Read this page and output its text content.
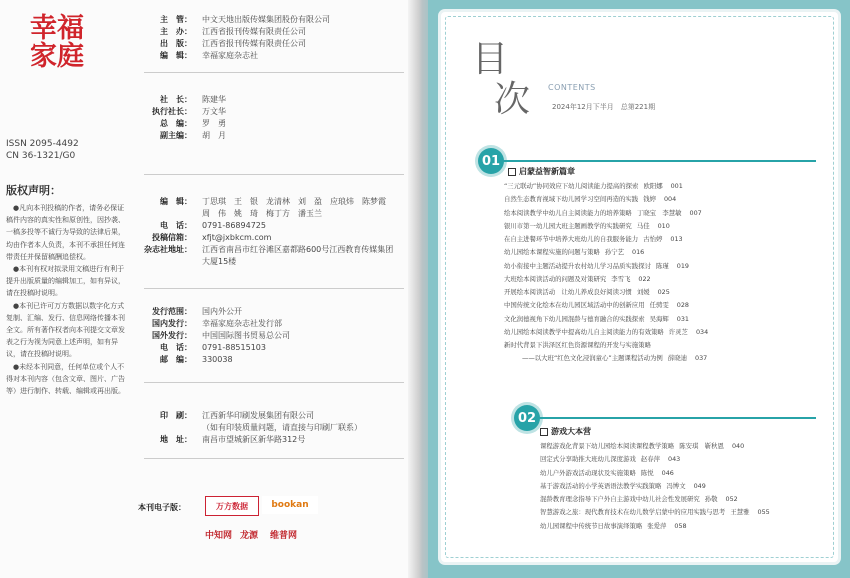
幸福
家庭
ISSN 2095-4492
CN 36-1321/G0
版权声明：

●凡向本刊投稿的作者，请务必保证稿件内容的真实性和原创性，因抄袭、一稿多投等不诚行为导致的法律后果，均由作者本人负责，本刊不承担任何连带责任并保留稿酬追偿权。

●本刊有权对拟录用文稿进行有利于提升出版质量的编辑加工，如有异议，请在投稿时说明。

●本刊已许可万方数据以数字化方式复制、汇编、发行、信息网络传播本刊全文。所有著作权者向本刊提交文章发表之行为视为同意上述声明，如有异议，请在投稿时说明。

●未经本刊同意，任何单位或个人不得对本刊内容（包含文章、图片、广告等）进行制作、转载、编辑或再出版。

主　管： 中文天地出版传媒集团股份有限公司
主　办： 江西省报刊传媒有限责任公司
出　版： 江西省报刊传媒有限责任公司
编　辑： 幸福家庭杂志社
社　长： 陈建华
执行社长： 万文华
总　编： 罗　勇
副主编： 胡　月
编　辑： 丁思琪　王　银　龙清林　刘　盈　应琅炜　陈梦霞
周　伟　姚　琦　梅丁方　潘玉兰
电　话： 0791-86894725
投稿信箱： xfjt@jxbkcm.com
杂志社地址： 江西省南昌市红谷滩区嘉都路600号江西教育传媒集团
大厦15楼
发行范围： 国内外公开
国内发行： 幸福家庭杂志社发行部
国外发行： 中国国际图书贸易总公司
电　话： 0791-88515103
邮　编： 330038
印　刷： 江西新华印刷发展集团有限公司
（如有印装质量问题，请直接与印刷厂联系）
地　址： 南昌市望城新区新华路312号
本刊电子版：	万方数据	bookan
中知网 龙源 维普网
目
次 CONTENTS
2024年12月下半月　总第221期
01
启蒙益智新篇章
“三元联动”协同效应下幼儿阅读能力提高的探索 欧阳娜 001
自然生态教育视域下幼儿园学习空间再造的实践 钱婷 004
绘本阅读教学中幼儿自主阅读能力的培养策略 丁晓宝　李慧敏 007
银川市第一幼儿园大班主题画教学的实践研究 马佳 010
在自主进餐环节中培养大班幼儿的自我服务能力 古怡婷 013
幼儿园绘本课程实施的问题与策略 孙宁艺 016
幼小衔接中主题活动提升农村幼儿学习品质实践探讨 陈瑾 019
大班绘本阅读活动的问题及对策研究 李雪飞 022
开展绘本阅读活动　让幼儿养成良好阅读习惯 刘媛 025
中国传统文化绘本在幼儿园区域活动中的创新应用 任骋雯 028
文化润德视角下幼儿园混龄与德育融合的实践探索 吴海辉 031
幼儿园绘本阅读教学中提高幼儿自主阅读能力的有效策略 许灵芝 034
新时代背景下洪泽区红色资源课程的开发与实施策略
——以大班“红色文化浸润童心”主题课程活动为例 薛晓迪 037
02
游戏大本营
课程游戏化背景下幼儿园绘本阅读课程教学策略 陈安琪　靳秋恩 040
回定式分享助推大班幼儿深度游戏 赵春萍 043
幼儿户外游戏活动现状及实施策略 陈悦 046
基于游戏活动的小学英语语法教学实践策略 冯博文 049
混龄教育理念指导下户外自主游戏中幼儿社会性发展研究 孙敬 052
智慧游戏之旅：现代教育技术在幼儿数学启蒙中的应用实践与思考 王慧雅 055
幼儿园课程中传统节日故事演绎策略 张爱萍 058
